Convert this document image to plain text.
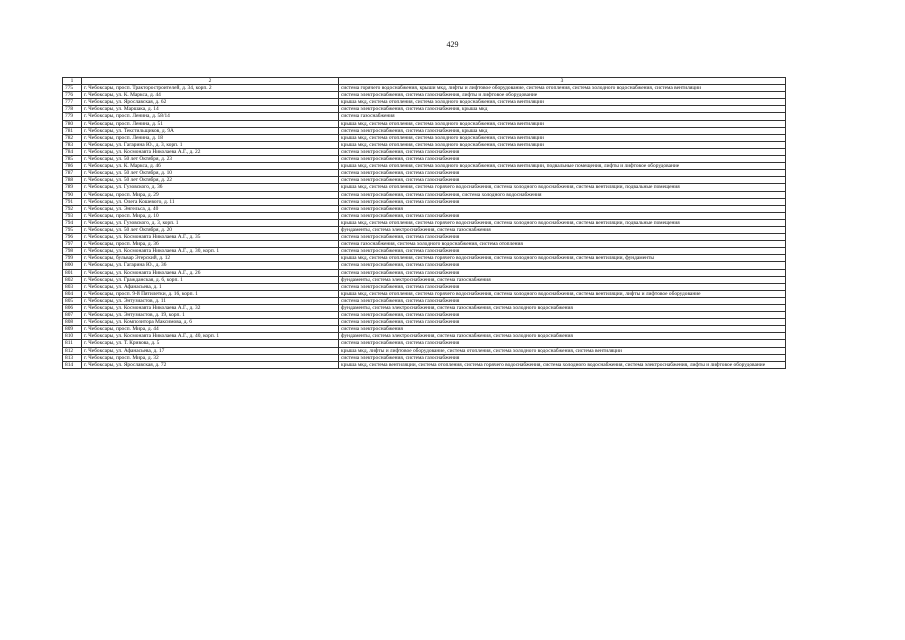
429
1	2	3
775	г. Чебоксары, просп. Тракторостроителей, д. 34, корп. 2	система горячего водоснабжения, крыши мкд, лифты и лифтовое оборудование, система отопления, система холодного водоснабжения, система вентиляции
776	г. Чебоксары, ул. К. Маркса, д. 44	система электроснабжения, система газоснабжения, лифты и лифтовое оборудование
777	г. Чебоксары, ул. Ярославская, д. 62	крыша мкд, система отопления, система холодного водоснабжения, система вентиляции
778	г. Чебоксары, ул. Маршака, д. 14	система электроснабжения, система газоснабжения, крыша мкд
779	г. Чебоксары, просп. Ленина, д. 58/14	система газоснабжения
780	г. Чебоксары, просп. Ленина, д. 51	крыша мкд, система отопления, система холодного водоснабжения, система вентиляции
781	г. Чебоксары, ул. Текстильщиков, д. 9А	система электроснабжения, система газоснабжения, крыша мкд
782	г. Чебоксары, просп. Ленина, д. 18	крыша мкд, система отопления, система холодного водоснабжения, система вентиляции
783	г. Чебоксары, ул. Гагарина Ю., д. 3, корп. 1	крыша мкд, система отопления, система холодного водоснабжения, система вентиляции
784	г. Чебоксары, ул. Космонавта Николаева А.Г., д. 22	система электроснабжения, система газоснабжения
785	г. Чебоксары, ул. 50 лет Октября, д. 23	система электроснабжения, система газоснабжения
786	г. Чебоксары, ул. К. Маркса, д. 46	крыша мкд, система отопления, система холодного водоснабжения, система вентиляции, подвальные помещения, лифты и лифтовое оборудование
787	г. Чебоксары, ул. 50 лет Октября, д. 10	система электроснабжения, система газоснабжения
788	г. Чебоксары, ул. 50 лет Октября, д. 22	система электроснабжения, система газоснабжения
789	г. Чебоксары, ул. Гузовского, д. 36	крыша мкд, система отопления, система горячего водоснабжения, система холодного водоснабжения, система вентиляции, подвальные помещения
790	г. Чебоксары, просп. Мира, д. 29	система электроснабжения, система газоснабжения, система холодного водоснабжения
791	г. Чебоксары, ул. Олега Кошевого, д. 11	система электроснабжения, система газоснабжения
792	г. Чебоксары, ул. Энгельса, д. 40	система электроснабжения
793	г. Чебоксары, просп. Мира, д. 10	система электроснабжения, система газоснабжения
794	г. Чебоксары, ул. Гузовского, д. 3, корп. 1	крыша мкд, система отопления, система горячего водоснабжения, система холодного водоснабжения, система вентиляции, подвальные помещения
795	г. Чебоксары, ул. 50 лет Октября, д. 20	фундаменты, система электроснабжения, система газоснабжения
796	г. Чебоксары, ул. Космонавта Николаева А.Г., д. 35	система электроснабжения, система газоснабжения
797	г. Чебоксары, просп. Мира, д. 36	система газоснабжения, система холодного водоснабжения, система отопления
798	г. Чебоксары, ул. Космонавта Николаева А.Г., д. 30, корп. 1	система электроснабжения, система газоснабжения
799	г. Чебоксары, бульвар Эгерский, д. 12	крыша мкд, система отопления, система горячего водоснабжения, система холодного водоснабжения, система вентиляции, фундаменты
800	г. Чебоксары, ул. Гагарина Ю., д. 36	система электроснабжения, система газоснабжения
801	г. Чебоксары, ул. Космонавта Николаева А.Г., д. 26	система электроснабжения, система газоснабжения
802	г. Чебоксары, ул. Гражданская, д. 6, корп. 1	фундаменты, система электроснабжения, система газоснабжения
803	г. Чебоксары, ул. Афанасьева, д. 1	система электроснабжения, система газоснабжения
804	г. Чебоксары, просп. 9-й Пятилетки, д. 16, корп. 1	крыша мкд, система отопления, система горячего водоснабжения, система холодного водоснабжения, система вентиляции, лифты и лифтовое оборудование
805	г. Чебоксары, ул. Энтузиастов, д. 11	система электроснабжения, система газоснабжения
806	г. Чебоксары, ул. Космонавта Николаева А.Г., д. 32	фундаменты, система электроснабжения, система газоснабжения, система холодного водоснабжения
807	г. Чебоксары, ул. Энтузиастов, д. 19, корп. 1	система электроснабжения, система газоснабжения
808	г. Чебоксары, ул. Композитора Максимова, д. 6	система электроснабжения, система газоснабжения
809	г. Чебоксары, просп. Мира, д. 44	система электроснабжения
810	г. Чебоксары, ул. Космонавта Николаева А.Г., д. 40, корп. 1	фундаменты, система электроснабжения, система газоснабжения, система холодного водоснабжения
811	г. Чебоксары, ул. Т. Кривова, д. 5	система электроснабжения, система газоснабжения
812	г. Чебоксары, ул. Афанасьева, д. 17	крыша мкд, лифты и лифтовое оборудование, система отопления, система холодного водоснабжения, система вентиляции
813	г. Чебоксары, просп. Мира, д. 32	система электроснабжения, система газоснабжения
814	г. Чебоксары, ул. Ярославская, д. 72	крыша мкд, система вентиляции, система отопления, система горячего водоснабжения, система холодного водоснабжения, система электроснабжения, лифты и лифтовое оборудование
